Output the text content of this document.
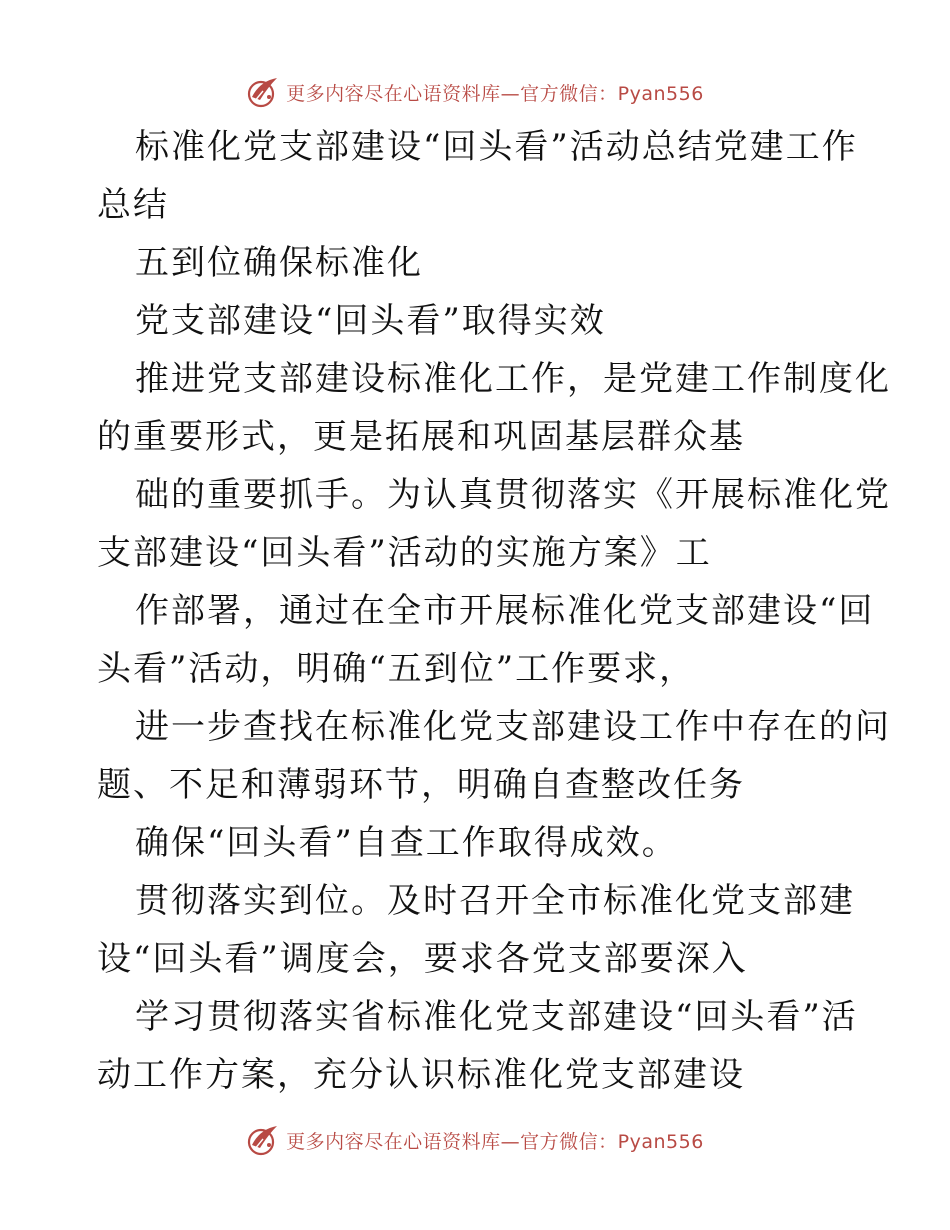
更多内容尽在心语资料库—官方微信：Pyan556
标准化党支部建设“回头看”活动总结党建工作
总结
五到位确保标准化
党支部建设“回头看”取得实效
推进党支部建设标准化工作，是党建工作制度化
的重要形式，更是拓展和巩固基层群众基
础的重要抓手。为认真贯彻落实《开展标准化党
支部建设“回头看”活动的实施方案》工
作部署，通过在全市开展标准化党支部建设“回
头看”活动，明确“五到位”工作要求，
进一步查找在标准化党支部建设工作中存在的问
题、不足和薄弱环节，明确自查整改任务
确保“回头看”自查工作取得成效。
贯彻落实到位。及时召开全市标准化党支部建
设“回头看”调度会，要求各党支部要深入
学习贯彻落实省标准化党支部建设“回头看”活
动工作方案，充分认识标准化党支部建设
更多内容尽在心语资料库—官方微信：Pyan556
